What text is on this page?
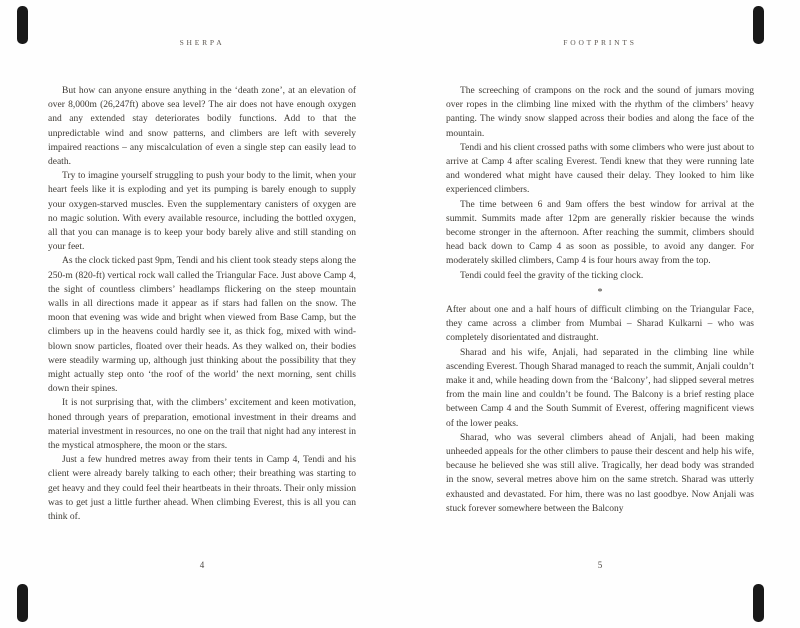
SHERPA

But how can anyone ensure anything in the ‘death zone’, at an elevation of over 8,000m (26,247ft) above sea level? The air does not have enough oxygen and any extended stay deteriorates bodily functions. Add to that the unpredictable wind and snow patterns, and climbers are left with severely impaired reactions – any miscalculation of even a single step can easily lead to death.

Try to imagine yourself struggling to push your body to the limit, when your heart feels like it is exploding and yet its pumping is barely enough to supply your oxygen-starved muscles. Even the supplementary canisters of oxygen are no magic solution. With every available resource, including the bottled oxygen, all that you can manage is to keep your body barely alive and still standing on your feet.

As the clock ticked past 9pm, Tendi and his client took steady steps along the 250-m (820-ft) vertical rock wall called the Triangular Face. Just above Camp 4, the sight of countless climbers’ headlamps flickering on the steep mountain walls in all directions made it appear as if stars had fallen on the snow. The moon that evening was wide and bright when viewed from Base Camp, but the climbers up in the heavens could hardly see it, as thick fog, mixed with wind-blown snow particles, floated over their heads. As they walked on, their bodies were steadily warming up, although just thinking about the possibility that they might actually step onto ‘the roof of the world’ the next morning, sent chills down their spines.

It is not surprising that, with the climbers’ excitement and keen motivation, honed through years of preparation, emotional investment in their dreams and material investment in resources, no one on the trail that night had any interest in the mystical atmosphere, the moon or the stars.

Just a few hundred metres away from their tents in Camp 4, Tendi and his client were already barely talking to each other; their breathing was starting to get heavy and they could feel their heartbeats in their throats. Their only mission was to get just a little further ahead. When climbing Everest, this is all you can think of.

4
FOOTPRINTS

The screeching of crampons on the rock and the sound of jumars moving over ropes in the climbing line mixed with the rhythm of the climbers’ heavy panting. The windy snow slapped across their bodies and along the face of the mountain.

Tendi and his client crossed paths with some climbers who were just about to arrive at Camp 4 after scaling Everest. Tendi knew that they were running late and wondered what might have caused their delay. They looked to him like experienced climbers.

The time between 6 and 9am offers the best window for arrival at the summit. Summits made after 12pm are generally riskier because the winds become stronger in the afternoon. After reaching the summit, climbers should head back down to Camp 4 as soon as possible, to avoid any danger. For moderately skilled climbers, Camp 4 is four hours away from the top.

Tendi could feel the gravity of the ticking clock.

*

After about one and a half hours of difficult climbing on the Triangular Face, they came across a climber from Mumbai – Sharad Kulkarni – who was completely disorientated and distraught.

Sharad and his wife, Anjali, had separated in the climbing line while ascending Everest. Though Sharad managed to reach the summit, Anjali couldn’t make it and, while heading down from the ‘Balcony’, had slipped several metres from the main line and couldn’t be found. The Balcony is a brief resting place between Camp 4 and the South Summit of Everest, offering magnificent views of the lower peaks.

Sharad, who was several climbers ahead of Anjali, had been making unheeded appeals for the other climbers to pause their descent and help his wife, because he believed she was still alive. Tragically, her dead body was stranded in the snow, several metres above him on the same stretch. Sharad was utterly exhausted and devastated. For him, there was no last goodbye. Now Anjali was stuck forever somewhere between the Balcony

5
